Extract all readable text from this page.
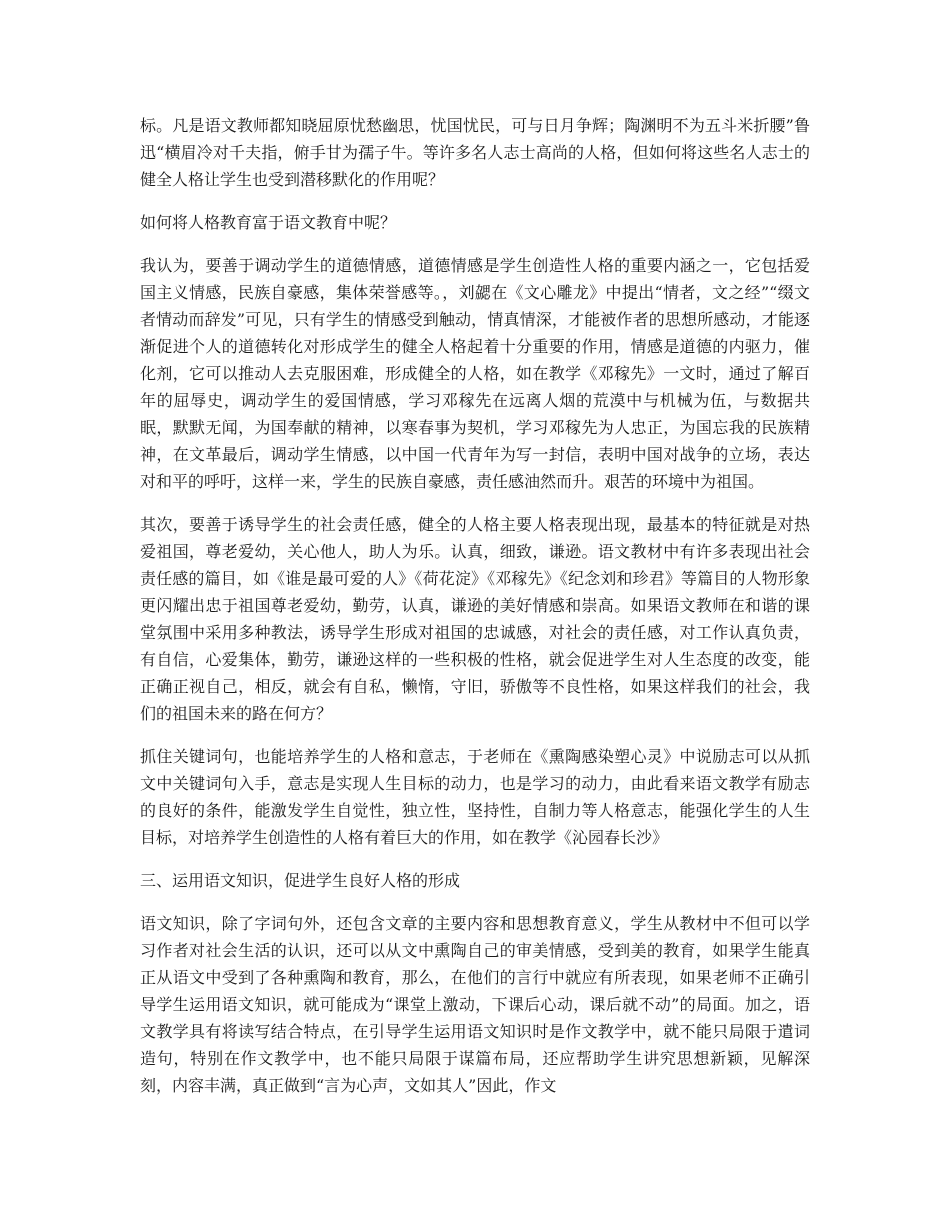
标。凡是语文教师都知晓屈原忧愁幽思，忧国忧民，可与日月争辉；陶渊明不为五斗米折腰”鲁迅“横眉冷对千夫指，俯手甘为孺子牛。等许多名人志士高尚的人格，但如何将这些名人志士的健全人格让学生也受到潜移默化的作用呢？

如何将人格教育富于语文教育中呢？

我认为，要善于调动学生的道德情感，道德情感是学生创造性人格的重要内涵之一，它包括爱国主义情感，民族自豪感，集体荣誉感等。，刘勰在《文心雕龙》中提出“情者，文之经”“缀文者情动而辞发”可见，只有学生的情感受到触动，情真情深，才能被作者的思想所感动，才能逐渐促进个人的道德转化对形成学生的健全人格起着十分重要的作用，情感是道德的内驱力，催化剂，它可以推动人去克服困难，形成健全的人格，如在教学《邓稼先》一文时，通过了解百年的屈辱史，调动学生的爱国情感，学习邓稼先在远离人烟的荒漠中与机械为伍，与数据共眠，默默无闻，为国奉献的精神，以寒春事为契机，学习邓稼先为人忠正，为国忘我的民族精神，在文革最后，调动学生情感，以中国一代青年为写一封信，表明中国对战争的立场，表达对和平的呼吁，这样一来，学生的民族自豪感，责任感油然而升。艰苦的环境中为祖国。

其次，要善于诱导学生的社会责任感，健全的人格主要人格表现出现，最基本的特征就是对热爱祖国，尊老爱幼，关心他人，助人为乐。认真，细致，谦逊。语文教材中有许多表现出社会责任感的篇目，如《谁是最可爱的人》《荷花淀》《邓稼先》《纪念刘和珍君》等篇目的人物形象更闪耀出忠于祖国尊老爱幼，勤劳，认真，谦逊的美好情感和崇高。如果语文教师在和谐的课堂氛围中采用多种教法，诱导学生形成对祖国的忠诚感，对社会的责任感，对工作认真负责，有自信，心爱集体，勤劳，谦逊这样的一些积极的性格，就会促进学生对人生态度的改变，能正确正视自己，相反，就会有自私，懒惰，守旧，骄傲等不良性格，如果这样我们的社会，我们的祖国未来的路在何方？

抓住关键词句，也能培养学生的人格和意志，于老师在《熏陶感染塑心灵》中说励志可以从抓文中关键词句入手，意志是实现人生目标的动力，也是学习的动力，由此看来语文教学有励志的良好的条件，能激发学生自觉性，独立性，坚持性，自制力等人格意志，能强化学生的人生目标，对培养学生创造性的人格有着巨大的作用，如在教学《沁园春长沙》

三、运用语文知识，促进学生良好人格的形成

语文知识，除了字词句外，还包含文章的主要内容和思想教育意义，学生从教材中不但可以学习作者对社会生活的认识，还可以从文中熏陶自己的审美情感，受到美的教育，如果学生能真正从语文中受到了各种熏陶和教育，那么，在他们的言行中就应有所表现，如果老师不正确引导学生运用语文知识，就可能成为“课堂上激动，下课后心动，课后就不动”的局面。加之，语文教学具有将读写结合特点，在引导学生运用语文知识时是作文教学中，就不能只局限于遣词造句，特别在作文教学中，也不能只局限于谋篇布局，还应帮助学生讲究思想新颖，见解深刻，内容丰满，真正做到“言为心声，文如其人”因此，作文
